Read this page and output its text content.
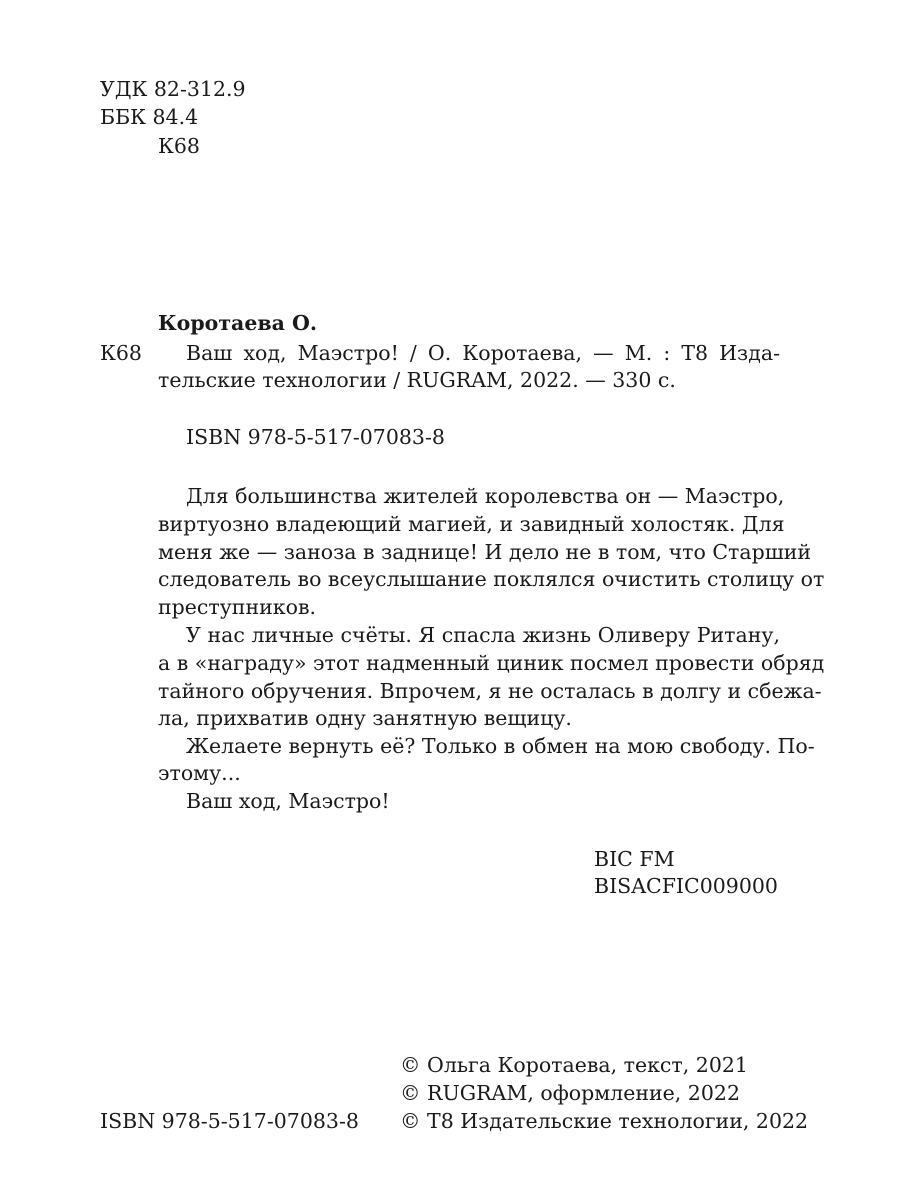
УДК 82-312.9
ББК 84.4
К68
Коротаева О.
К68 Ваш ход, Маэстро! / О. Коротаева, — М. : Т8 Изда-
тельские технологии / RUGRAM, 2022. — 330 с.
ISBN 978-5-517-07083-8
Для большинства жителей королевства он — Маэстро,
виртуозно владеющий магией, и завидный холостяк. Для
меня же — заноза в заднице! И дело не в том, что Старший
следователь во всеуслышание поклялся очистить столицу от
преступников.
У нас личные счёты. Я спасла жизнь Оливеру Ритану,
а в «награду» этот надменный циник посмел провести обряд
тайного обручения. Впрочем, я не осталась в долгу и сбежа-
ла, прихватив одну занятную вещицу.
Желаете вернуть её? Только в обмен на мою свободу. По-
этому...
Ваш ход, Маэстро!
BIC FM
BISACFIC009000
© Ольга Коротаева, текст, 2021
© RUGRAM, оформление, 2022
© Т8 Издательские технологии, 2022
ISBN 978-5-517-07083-8
